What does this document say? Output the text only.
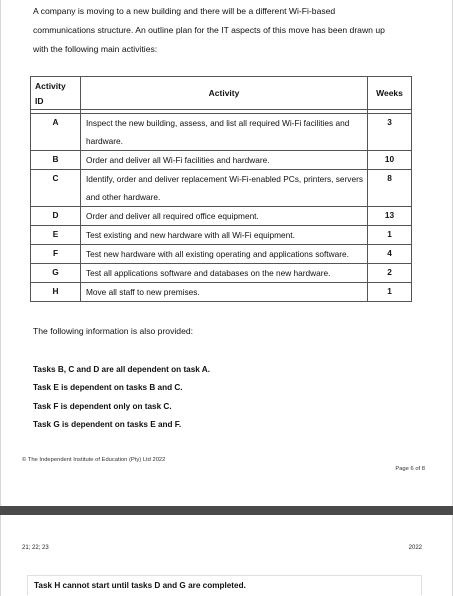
A company is moving to a new building and there will be a different Wi-Fi-based
communications structure. An outline plan for the IT aspects of this move has been drawn up
with the following main activities:
Activity
ID	Activity	Weeks

A	Inspect the new building, assess, and list all required Wi-Fi facilities and hardware.	3
B	Order and deliver all Wi-Fi facilities and hardware.	10
C	Identify, order and deliver replacement Wi-Fi-enabled PCs, printers, servers and other hardware.	8
D	Order and deliver all required office equipment.	13
E	Test existing and new hardware with all Wi-Fi equipment.	1
F	Test new hardware with all existing operating and applications software.	4
G	Test all applications software and databases on the new hardware.	2
H	Move all staff to new premises.	1
The following information is also provided:
Tasks B, C and D are all dependent on task A.
Task E is dependent on tasks B and C.
Task F is dependent only on task C.
Task G is dependent on tasks E and F.
© The Independent Institute of Education (Pty) Ltd 2022
Page 6 of 8
21; 22; 23	2022
Task H cannot start until tasks D and G are completed.
